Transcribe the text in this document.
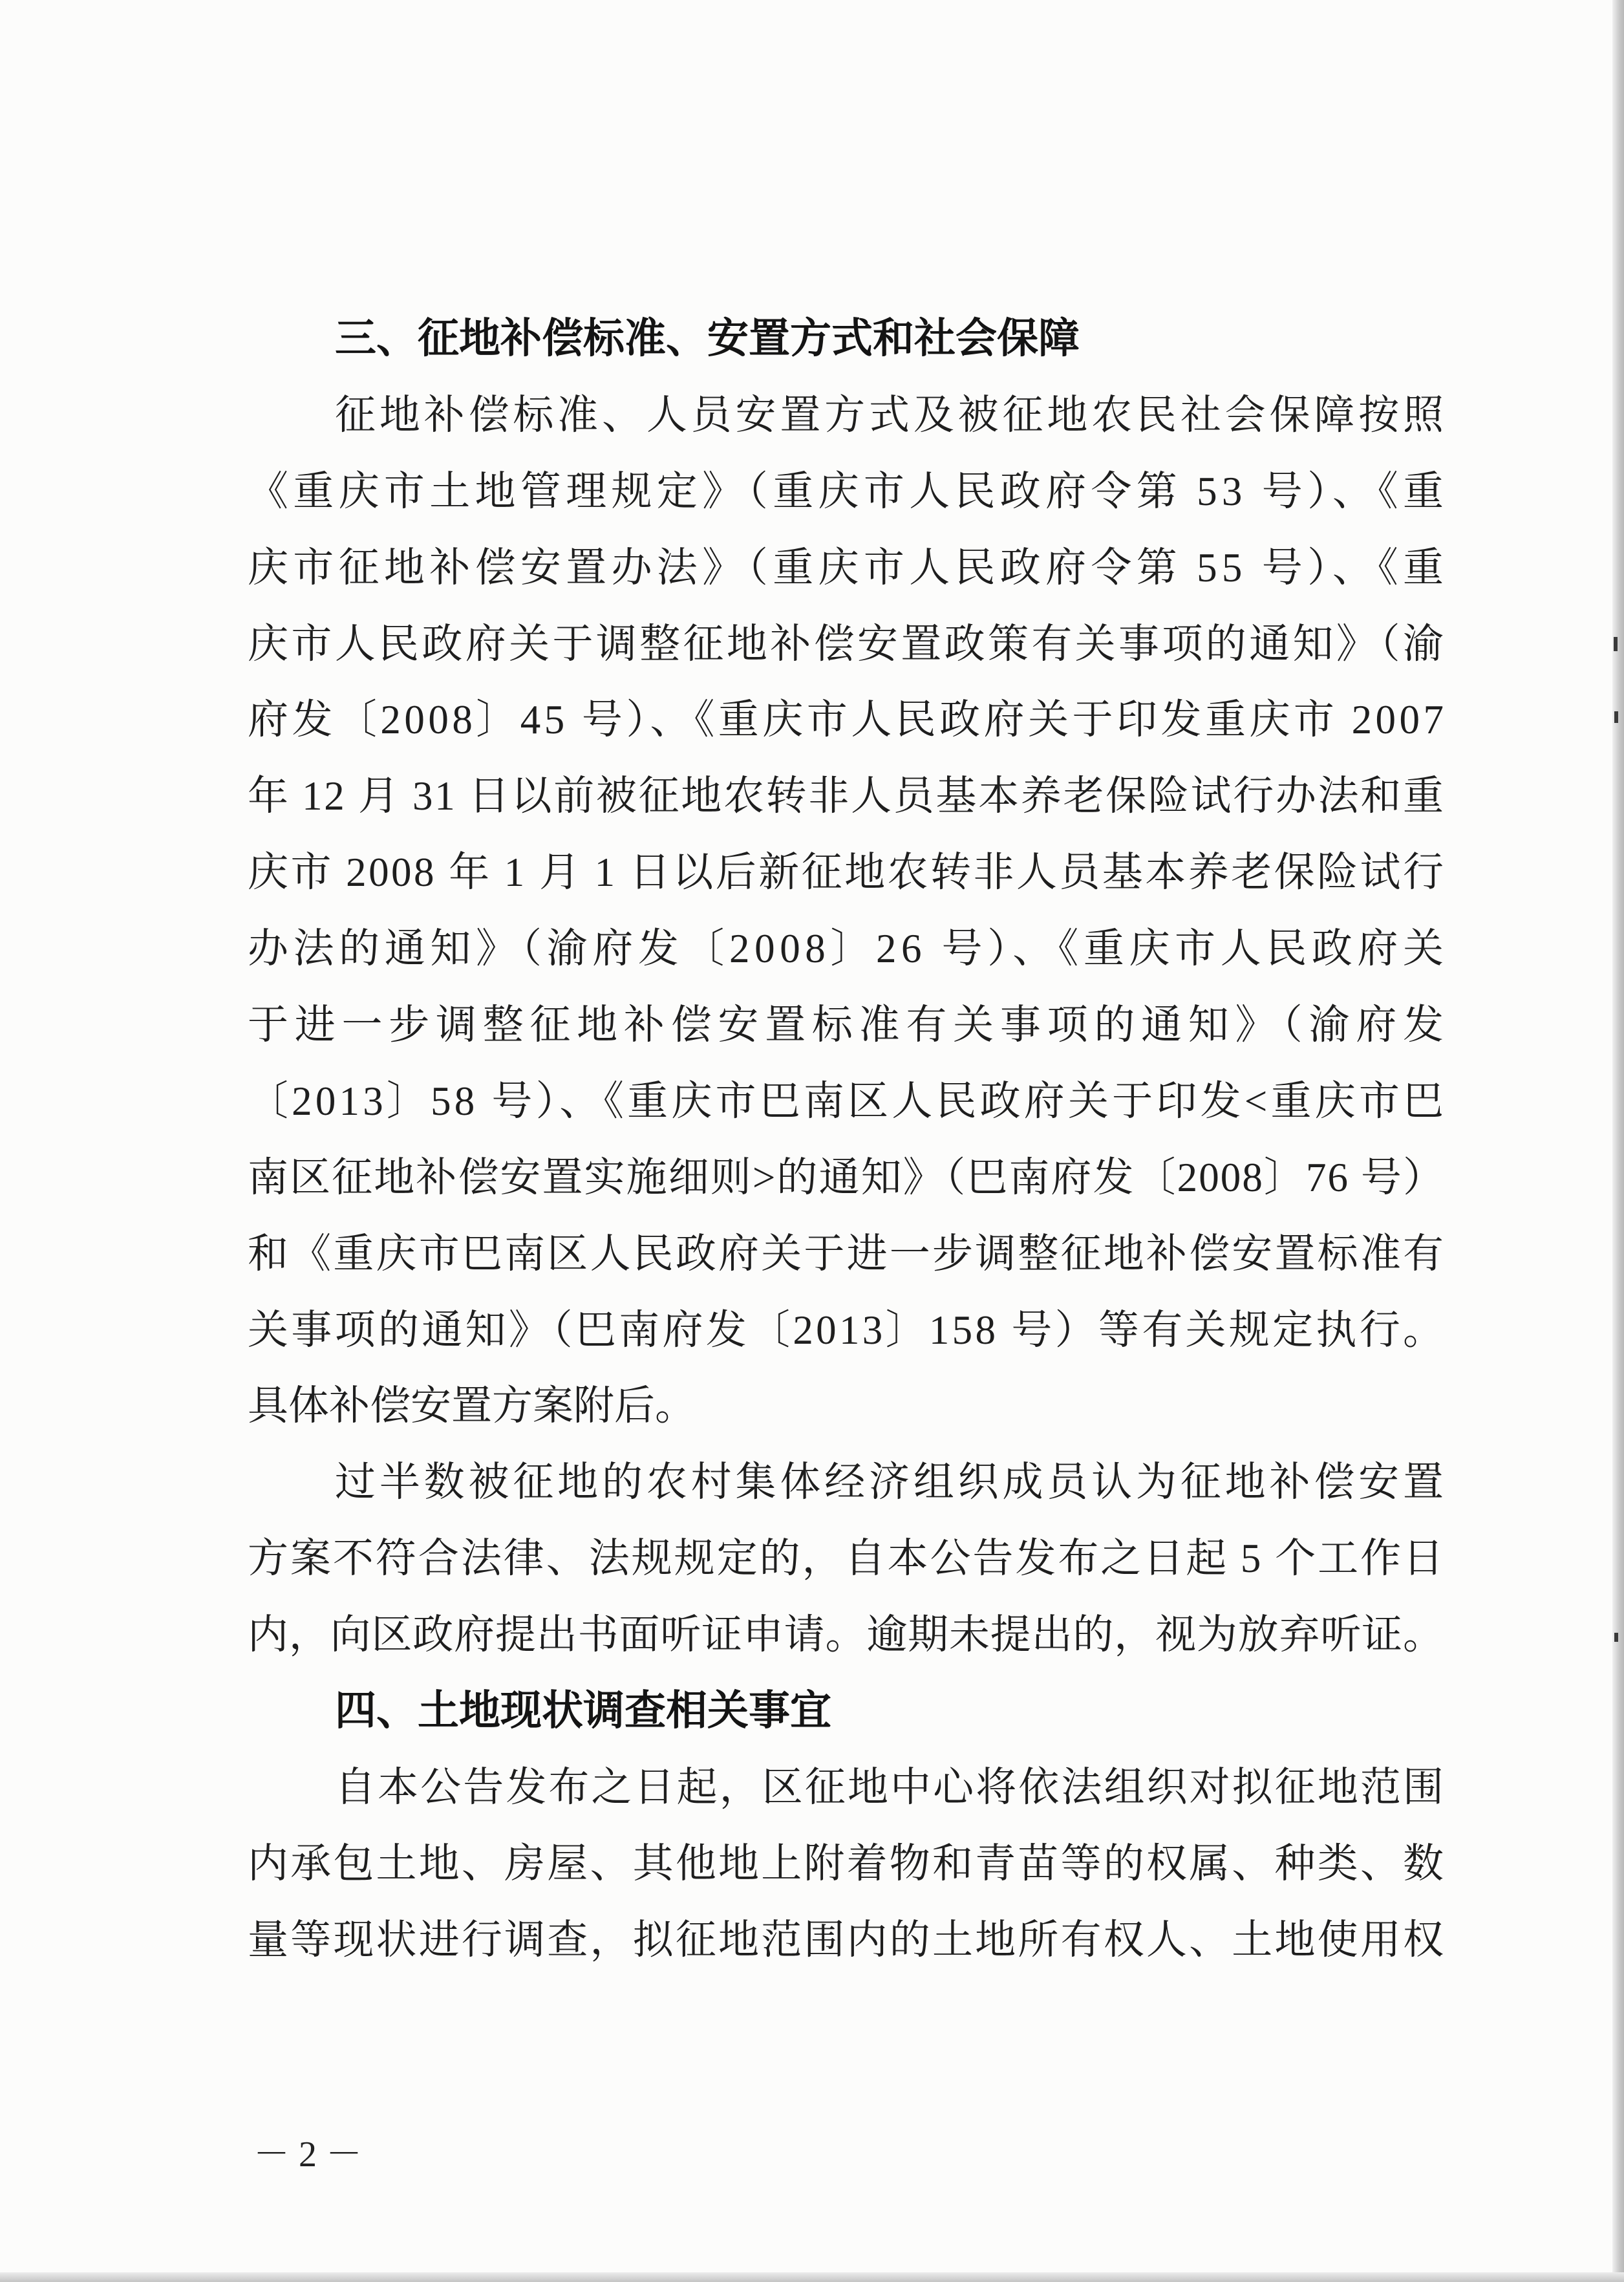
三、征地补偿标准、安置方式和社会保障
征地补偿标准、人员安置方式及被征地农民社会保障按照
《重庆市土地管理规定》（重庆市人民政府令第 53 号）、《重
庆市征地补偿安置办法》（重庆市人民政府令第 55 号）、《重
庆市人民政府关于调整征地补偿安置政策有关事项的通知》（渝
府发〔2008〕45 号）、《重庆市人民政府关于印发重庆市 2007
年 12 月 31 日以前被征地农转非人员基本养老保险试行办法和重
庆市 2008 年 1 月 1 日以后新征地农转非人员基本养老保险试行
办法的通知》（渝府发〔2008〕26 号）、《重庆市人民政府关
于进一步调整征地补偿安置标准有关事项的通知》（渝府发
〔2013〕58 号）、《重庆市巴南区人民政府关于印发<重庆市巴
南区征地补偿安置实施细则>的通知》（巴南府发〔2008〕76 号）
和《重庆市巴南区人民政府关于进一步调整征地补偿安置标准有
关事项的通知》（巴南府发〔2013〕158 号）等有关规定执行。
具体补偿安置方案附后。
过半数被征地的农村集体经济组织成员认为征地补偿安置
方案不符合法律、法规规定的，自本公告发布之日起 5 个工作日
内，向区政府提出书面听证申请。逾期未提出的，视为放弃听证。
四、土地现状调查相关事宜
自本公告发布之日起，区征地中心将依法组织对拟征地范围
内承包土地、房屋、其他地上附着物和青苗等的权属、种类、数
量等现状进行调查，拟征地范围内的土地所有权人、土地使用权
－ 2 －
